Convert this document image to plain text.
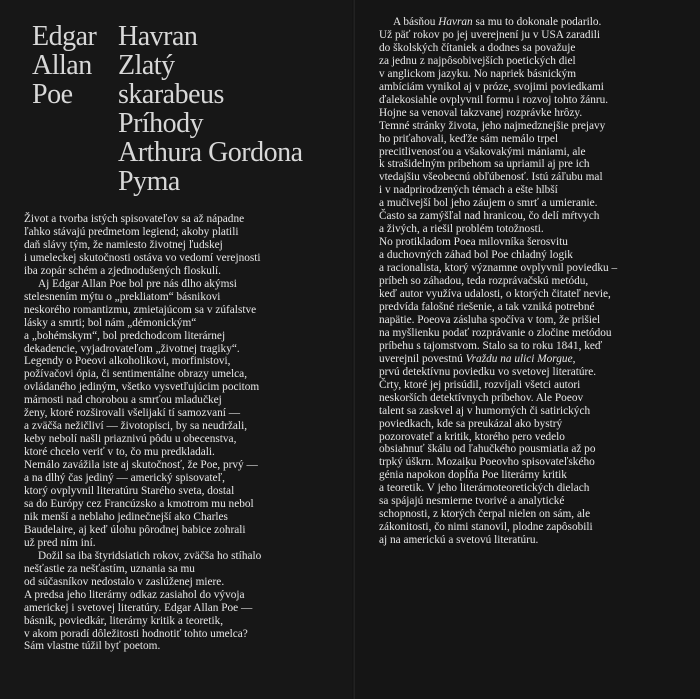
Edgar
Allan
Poe
Havran
Zlatý
skarabeus
Príhody
Arthura Gordona
Pyma
Život a tvorba istých spisovateľov sa až nápadne
ľahko stávajú predmetom legiend; akoby platili
daň slávy tým, že namiesto životnej ľudskej
i umeleckej skutočnosti ostáva vo vedomí verejnosti
iba zopár schém a zjednodušených floskulí.
Aj Edgar Allan Poe bol pre nás dlho akýmsi
stelesnením mýtu o „prekliatom“ básnikovi
neskorého romantizmu, zmietajúcom sa v zúfalstve
lásky a smrti; bol nám „démonickým“
a „bohémskym“, bol predchodcom literárnej
dekadencie, vyjadrovateľom „životnej tragiky“.
Legendy o Poeovi alkoholikovi, morfinistovi,
požívačovi ópia, či sentimentálne obrazy umelca,
ovládaného jediným, všetko vysvetľujúcim pocitom
márnosti nad chorobou a smrťou mladučkej
ženy, ktoré rozširovali všelijakí tí samozvaní —
a zväčša nežičliví — životopisci, by sa neudržali,
keby nebolí našli priaznivú pôdu u obecenstva,
ktoré chcelo veriť v to, čo mu predkladali.
Nemálo zavážila iste aj skutočnosť, že Poe, prvý —
a na dlhý čas jediný — americký spisovateľ,
ktorý ovplyvnil literatúru Starého sveta, dostal
sa do Európy cez Francúzsko a kmotrom mu nebol
nik menší a neblaho jedinečnejší ako Charles
Baudelaire, aj keď úlohu pôrodnej babice zohrali
už pred ním iní.
Dožil sa iba štyridsiatich rokov, zväčša ho stíhalo
nešťastie za nešťastím, uznania sa mu
od súčasníkov nedostalo v zaslúženej miere.
A predsa jeho literárny odkaz zasiahol do vývoja
americkej i svetovej literatúry. Edgar Allan Poe —
básnik, poviedkár, literárny kritik a teoretik,
v akom poradí dôležitosti hodnotiť tohto umelca?
Sám vlastne túžil byť poetom.
A básňou Havran sa mu to dokonale podarilo.
Už päť rokov po jej uverejnení ju v USA zaradili
do školských čítaniek a dodnes sa považuje
za jednu z najpôsobivejších poetických diel
v anglickom jazyku. No napriek básnickým
ambíciám vynikol aj v próze, svojimi poviedkami
ďalekosiahle ovplyvnil formu i rozvoj tohto žánru.
Hojne sa venoval takzvanej rozprávke hrôzy.
Temné stránky života, jeho najmedznejšie prejavy
ho priťahovali, keďže sám nemálo trpel
precitlivenosťou a všakovakými mániami, ale
k strašidelným príbehom sa upriamil aj pre ich
vtedajšiu všeobecnú obľúbenosť. Istú záľubu mal
i v nadprirodzených témach a ešte hlbší
a mučivejší bol jeho záujem o smrť a umieranie.
Často sa zamýšľal nad hranicou, čo delí mŕtvych
a živých, a riešil problém totožnosti.
No protikladom Poea milovníka šerosvitu
a duchovných záhad bol Poe chladný logik
a racionalista, ktorý významne ovplyvnil poviedku –
príbeh so záhadou, teda rozprávačskú metódu,
keď autor využíva udalosti, o ktorých čitateľ nevie,
predvída falošné riešenie, a tak vzniká potrebné
napätie. Poeova zásluha spočíva v tom, že prišiel
na myšlienku podať rozprávanie o zločine metódou
príbehu s tajomstvom. Stalo sa to roku 1841, keď
uverejnil povestnú Vraždu na ulici Morgue,
prvú detektívnu poviedku vo svetovej literatúre.
Črty, ktoré jej prisúdil, rozvíjali všetci autori
neskorších detektívnych príbehov. Ale Poeov
talent sa zaskvel aj v humorných či satirických
poviedkach, kde sa preukázal ako bystrý
pozorovateľ a kritik, ktorého pero vedelo
obsiahnuť škálu od ľahučkého pousmiatia až po
trpký úškrn. Mozaiku Poeovho spisovateľského
génia napokon dopĺňa Poe literárny kritik
a teoretik. V jeho literárnoteoretických dielach
sa spájajú nesmierne tvorivé a analytické
schopnosti, z ktorých čerpal nielen on sám, ale
zákonitosti, čo nimi stanovil, plodne zapôsobili
aj na americkú a svetovú literatúru.
